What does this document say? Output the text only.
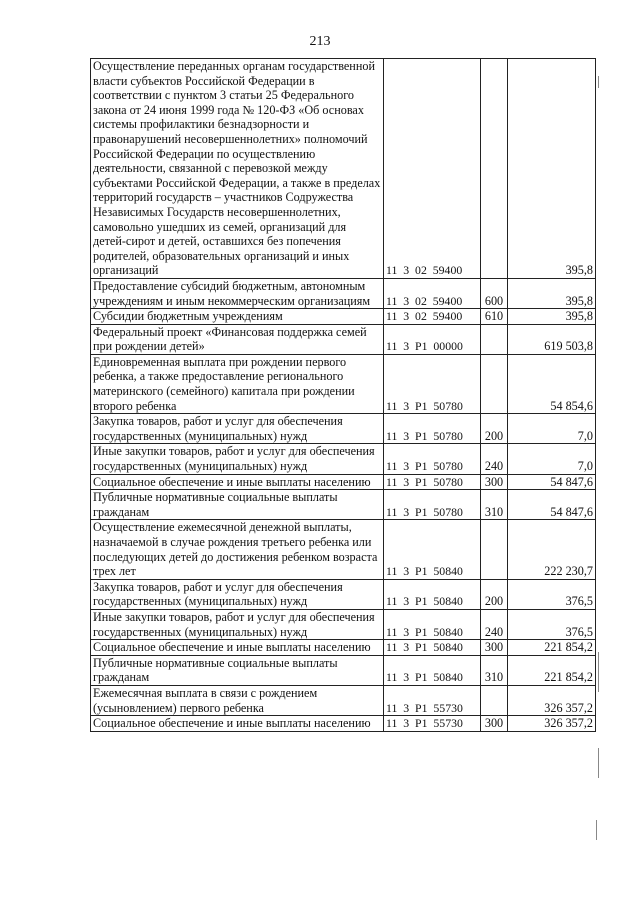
213
Осуществление переданных органам государственной власти субъектов Российской Федерации в соответствии с пунктом 3 статьи 25 Федерального закона от 24 июня 1999 года № 120-ФЗ «Об основах системы профилактики безнадзорности и правонарушений несовершеннолетних» полномочий Российской Федерации по осуществлению деятельности, связанной с перевозкой между субъектами Российской Федерации, а также в пределах территорий государств – участников Содружества Независимых Государств несовершеннолетних, самовольно ушедших из семей, организаций для детей-сирот и детей, оставшихся без попечения родителей, образовательных организаций и иных организаций	11  3  02  59400		395,8
Предоставление субсидий бюджетным, автономным учреждениям и иным некоммерческим организациям	11  3  02  59400	600	395,8
Субсидии бюджетным учреждениям	11  3  02  59400	610	395,8
Федеральный проект «Финансовая поддержка семей при рождении детей»	11  3  P1  00000		619 503,8
Единовременная выплата при рождении первого ребенка, а также предоставление регионального материнского (семейного) капитала при рождении второго ребенка	11  3  P1  50780		54 854,6
Закупка товаров, работ и услуг для обеспечения государственных (муниципальных) нужд	11  3  P1  50780	200	7,0
Иные закупки товаров, работ и услуг для обеспечения государственных (муниципальных) нужд	11  3  P1  50780	240	7,0
Социальное обеспечение и иные выплаты населению	11  3  P1  50780	300	54 847,6
Публичные нормативные социальные выплаты гражданам	11  3  P1  50780	310	54 847,6
Осуществление ежемесячной денежной выплаты, назначаемой в случае рождения третьего ребенка или последующих детей до достижения ребенком возраста трех лет	11  3  P1  50840		222 230,7
Закупка товаров, работ и услуг для обеспечения государственных (муниципальных) нужд	11  3  P1  50840	200	376,5
Иные закупки товаров, работ и услуг для обеспечения государственных (муниципальных) нужд	11  3  P1  50840	240	376,5
Социальное обеспечение и иные выплаты населению	11  3  P1  50840	300	221 854,2
Публичные нормативные социальные выплаты гражданам	11  3  P1  50840	310	221 854,2
Ежемесячная выплата в связи с рождением (усыновлением) первого ребенка	11  3  P1  55730		326 357,2
Социальное обеспечение и иные выплаты населению	11  3  P1  55730	300	326 357,2
